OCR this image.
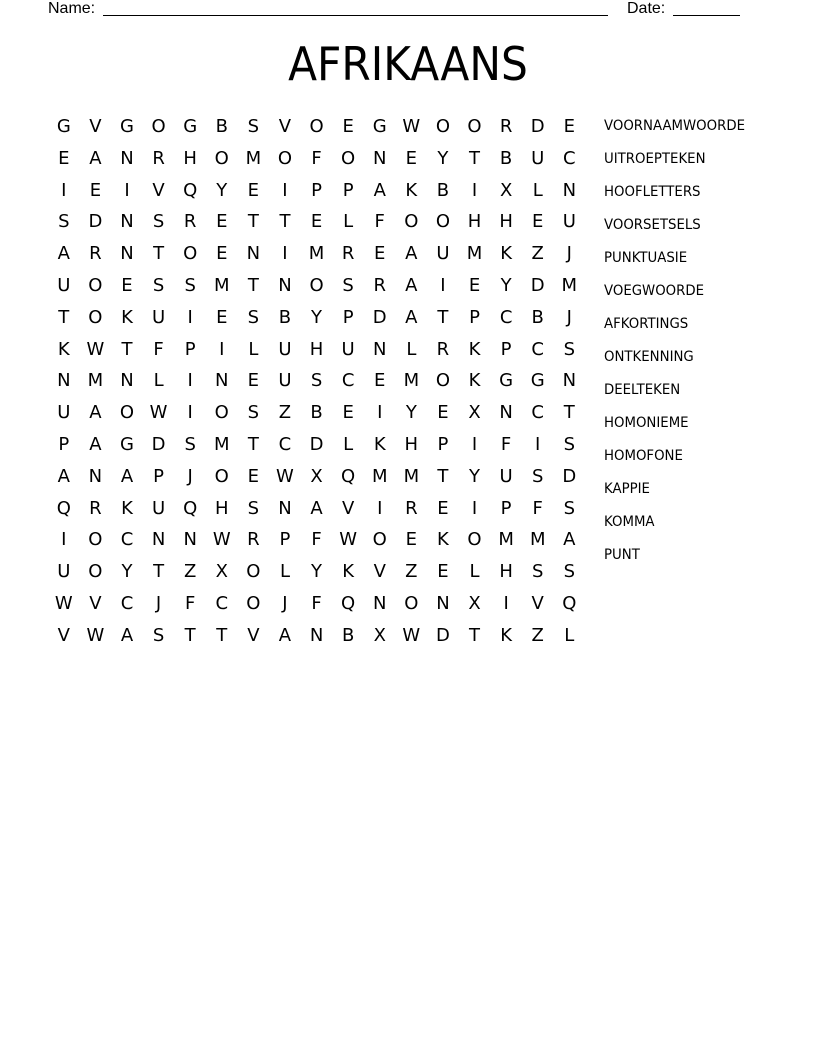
Name:	Date:
AFRIKAANS
G	V	G O G	B	S	V	O	E	G W O O	R	D	E
E	A	N	R	H O M O	F	O N	E	Y	T	B	U	C
I	E	I	V	Q	Y	E	I	P	P	A	K	B	I	X	L	N
S	D N	S	R	E	T	T	E	L	F	O O H	H	E	U
A	R	N	T	O	E	N	I	M R	E	A	U M K	Z	J
U O	E	S	S	M	T	N O	S	R	A	I	E	Y	D M
T	O	K	U	I	E	S	B	Y	P	D	A	T	P	C	B	J
K W T	F	P	I	L	U	H	U	N	L	R	K	P	C	S
N M N	L	I	N	E	U	S	C	E	M O	K	G G N
U	A	O W	I	O	S	Z	B	E	I	Y	E	X	N	C	T
P	A	G D	S	M	T	C	D	L	K	H	P	I	F	I	S
A	N	A	P	J	O	E W X	Q M M	T	Y	U	S	D
Q	R	K	U Q H	S	N	A	V	I	R	E	I	P	F	S
I	O	C	N	N W R	P	F W O	E	K	O M M A
U O	Y	T	Z	X	O	L	Y	K	V	Z	E	L	H	S	S
W V	C	J	F	C	O	J	F	Q N O N	X	I	V	Q
V W A	S	T	T	V	A	N	B	X W D	T	K	Z	L
VOORNAAMWOORDE
UITROEPTEKEN
HOOFLETTERS
VOORSETSELS
PUNKTUASIE
VOEGWOORDE
AFKORTINGS
ONTKENNING
DEELTEKEN
HOMONIEME
HOMOFONE
KAPPIE
KOMMA
PUNT
